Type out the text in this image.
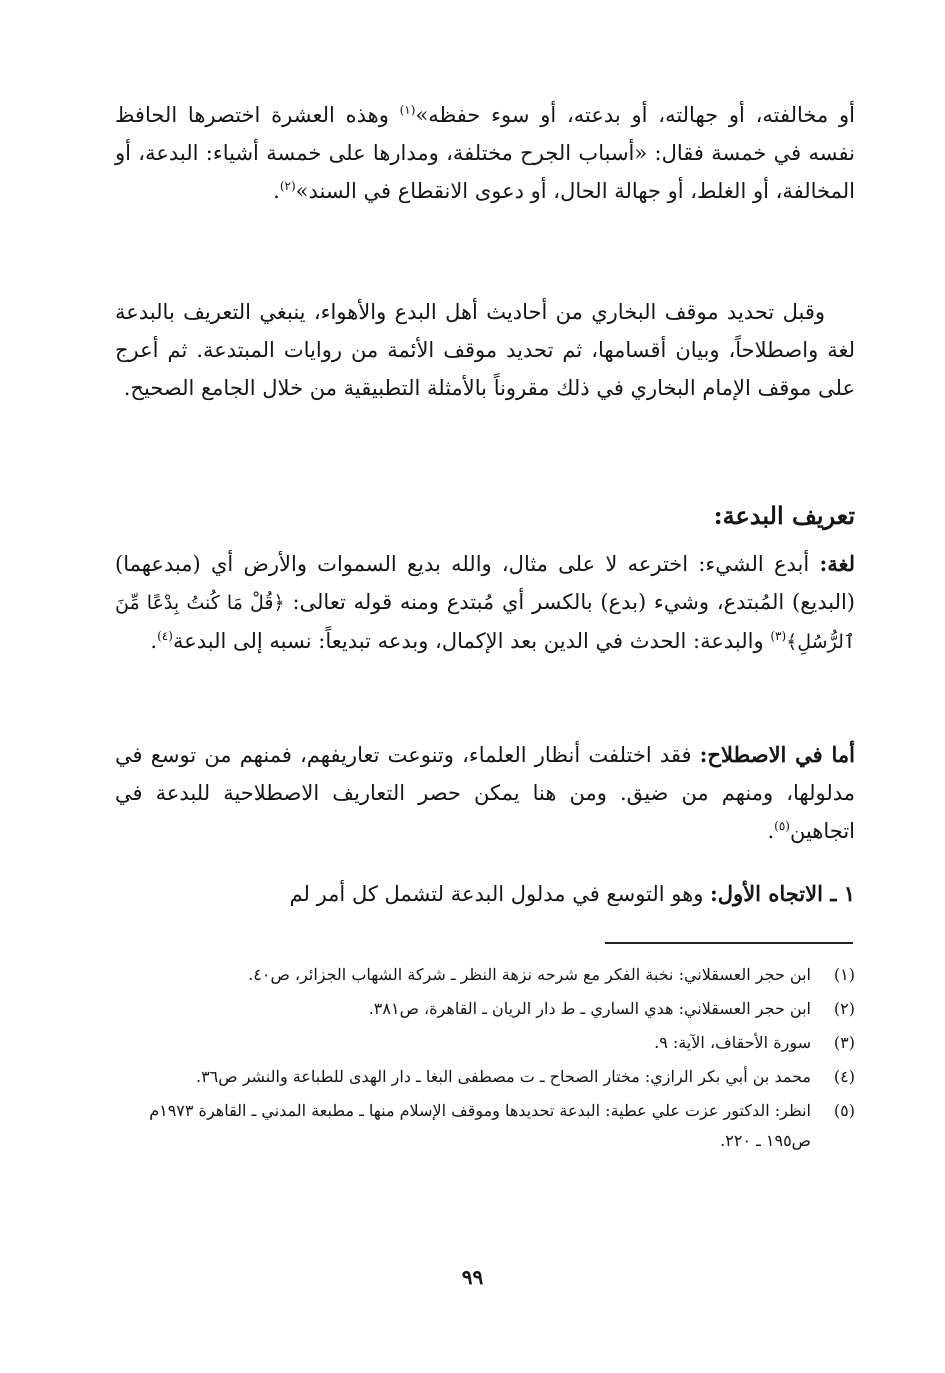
أو مخالفته، أو جهالته، أو بدعته، أو سوء حفظه»$^{(١)}$ وهذه العشرة اختصرها الحافظ نفسه في خمسة فقال: «أسباب الجرح مختلفة، ومدارها على خمسة أشياء: البدعة، أو المخالفة، أو الغلط، أو جهالة الحال، أو دعوى الانقطاع في السند»$^{(٢)}$.

وقبل تحديد موقف البخاري من أحاديث أهل البدع والأهواء، ينبغي التعريف بالبدعة لغة واصطلاحاً، وبيان أقسامها، ثم تحديد موقف الأئمة من روايات المبتدعة. ثم أعرج على موقف الإمام البخاري في ذلك مقروناً بالأمثلة التطبيقية من خلال الجامع الصحيح.

تعريف البدعة:

لغة: أبدع الشيء: اخترعه لا على مثال، والله بديع السموات والأرض أي (مبدعهما) (البديع) المُبتدع، وشيء (بدع) بالكسر أي مُبتدع ومنه قوله تعالى: ﴿قُلْ مَا كُنتُ بِدْعًا مِّنَ ٱلرُّسُلِ﴾$^{(٣)}$ والبدعة: الحدث في الدين بعد الإكمال، وبدعه تبديعاً: نسبه إلى البدعة$^{(٤)}$.

أما في الاصطلاح: فقد اختلفت أنظار العلماء، وتنوعت تعاريفهم، فمنهم من توسع في مدلولها، ومنهم من ضيق. ومن هنا يمكن حصر التعاريف الاصطلاحية للبدعة في اتجاهين$^{(٥)}$.

١ ـ الاتجاه الأول: وهو التوسع في مدلول البدعة لتشمل كل أمر لم

(١)
ابن حجر العسقلاني: نخبة الفكر مع شرحه نزهة النظر ـ شركة الشهاب الجزائر، ص٤٠.
(٢)
ابن حجر العسقلاني: هدي الساري ـ ط دار الريان ـ القاهرة، ص٣٨١.
(٣)
سورة الأحقاف، الآية: ٩.
(٤)
محمد بن أبي بكر الرازي: مختار الصحاح ـ ت مصطفى البغا ـ دار الهدى للطباعة والنشر ص٣٦.
(٥)
انظر: الدكتور عزت علي عطية: البدعة تحديدها وموقف الإسلام منها ـ مطبعة المدني ـ القاهرة ١٩٧٣م ص١٩٥ ـ ٢٢٠.
٩٩
